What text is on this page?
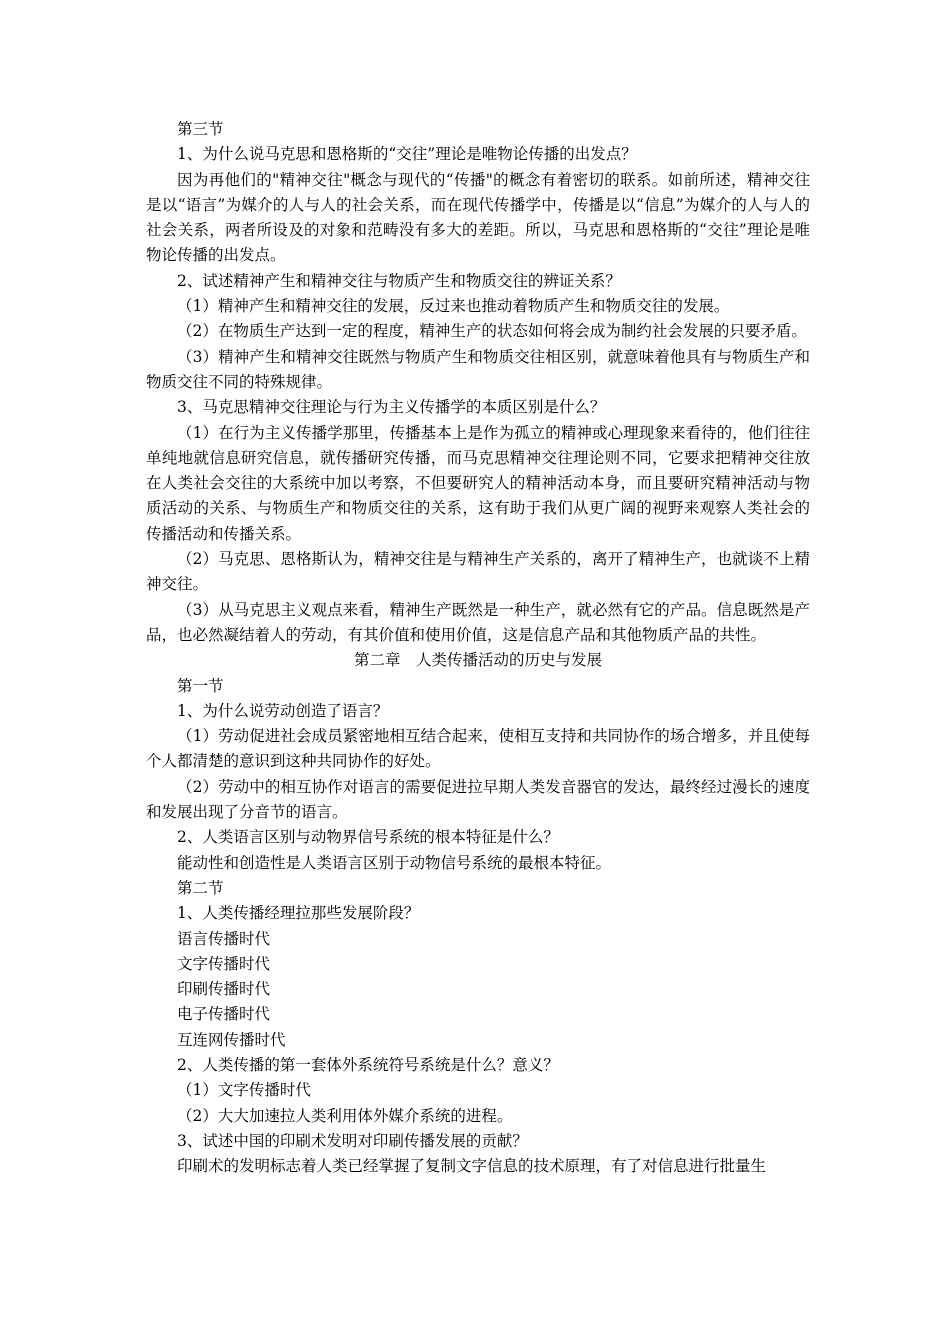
第三节

1、为什么说马克思和恩格斯的“交往”理论是唯物论传播的出发点？

因为再他们的"精神交往"概念与现代的“传播"的概念有着密切的联系。如前所述，精神交往是以“语言”为媒介的人与人的社会关系，而在现代传播学中，传播是以“信息”为媒介的人与人的社会关系，两者所设及的对象和范畴没有多大的差距。所以，马克思和恩格斯的“交往”理论是唯物论传播的出发点。

2、试述精神产生和精神交往与物质产生和物质交往的辨证关系？

（1）精神产生和精神交往的发展，反过来也推动着物质产生和物质交往的发展。

（2）在物质生产达到一定的程度，精神生产的状态如何将会成为制约社会发展的只要矛盾。

（3）精神产生和精神交往既然与物质产生和物质交往相区别，就意味着他具有与物质生产和物质交往不同的特殊规律。

3、马克思精神交往理论与行为主义传播学的本质区别是什么？

（1）在行为主义传播学那里，传播基本上是作为孤立的精神或心理现象来看待的，他们往往单纯地就信息研究信息，就传播研究传播，而马克思精神交往理论则不同，它要求把精神交往放在人类社会交往的大系统中加以考察，不但要研究人的精神活动本身，而且要研究精神活动与物质活动的关系、与物质生产和物质交往的关系，这有助于我们从更广阔的视野来观察人类社会的传播活动和传播关系。

（2）马克思、恩格斯认为，精神交往是与精神生产关系的，离开了精神生产，也就谈不上精神交往。

（3）从马克思主义观点来看，精神生产既然是一种生产，就必然有它的产品。信息既然是产品，也必然凝结着人的劳动，有其价值和使用价值，这是信息产品和其他物质产品的共性。

第二章　人类传播活动的历史与发展

第一节

1、为什么说劳动创造了语言？

（1）劳动促进社会成员紧密地相互结合起来，使相互支持和共同协作的场合增多，并且使每个人都清楚的意识到这种共同协作的好处。

（2）劳动中的相互协作对语言的需要促进拉早期人类发音器官的发达，最终经过漫长的速度和发展出现了分音节的语言。

2、人类语言区别与动物界信号系统的根本特征是什么？

能动性和创造性是人类语言区别于动物信号系统的最根本特征。

第二节

1、人类传播经理拉那些发展阶段？

语言传播时代

文字传播时代

印刷传播时代

电子传播时代

互连网传播时代

2、人类传播的第一套体外系统符号系统是什么？意义？

（1）文字传播时代

（2）大大加速拉人类利用体外媒介系统的进程。

3、试述中国的印刷术发明对印刷传播发展的贡献？

印刷术的发明标志着人类已经掌握了复制文字信息的技术原理，有了对信息进行批量生
